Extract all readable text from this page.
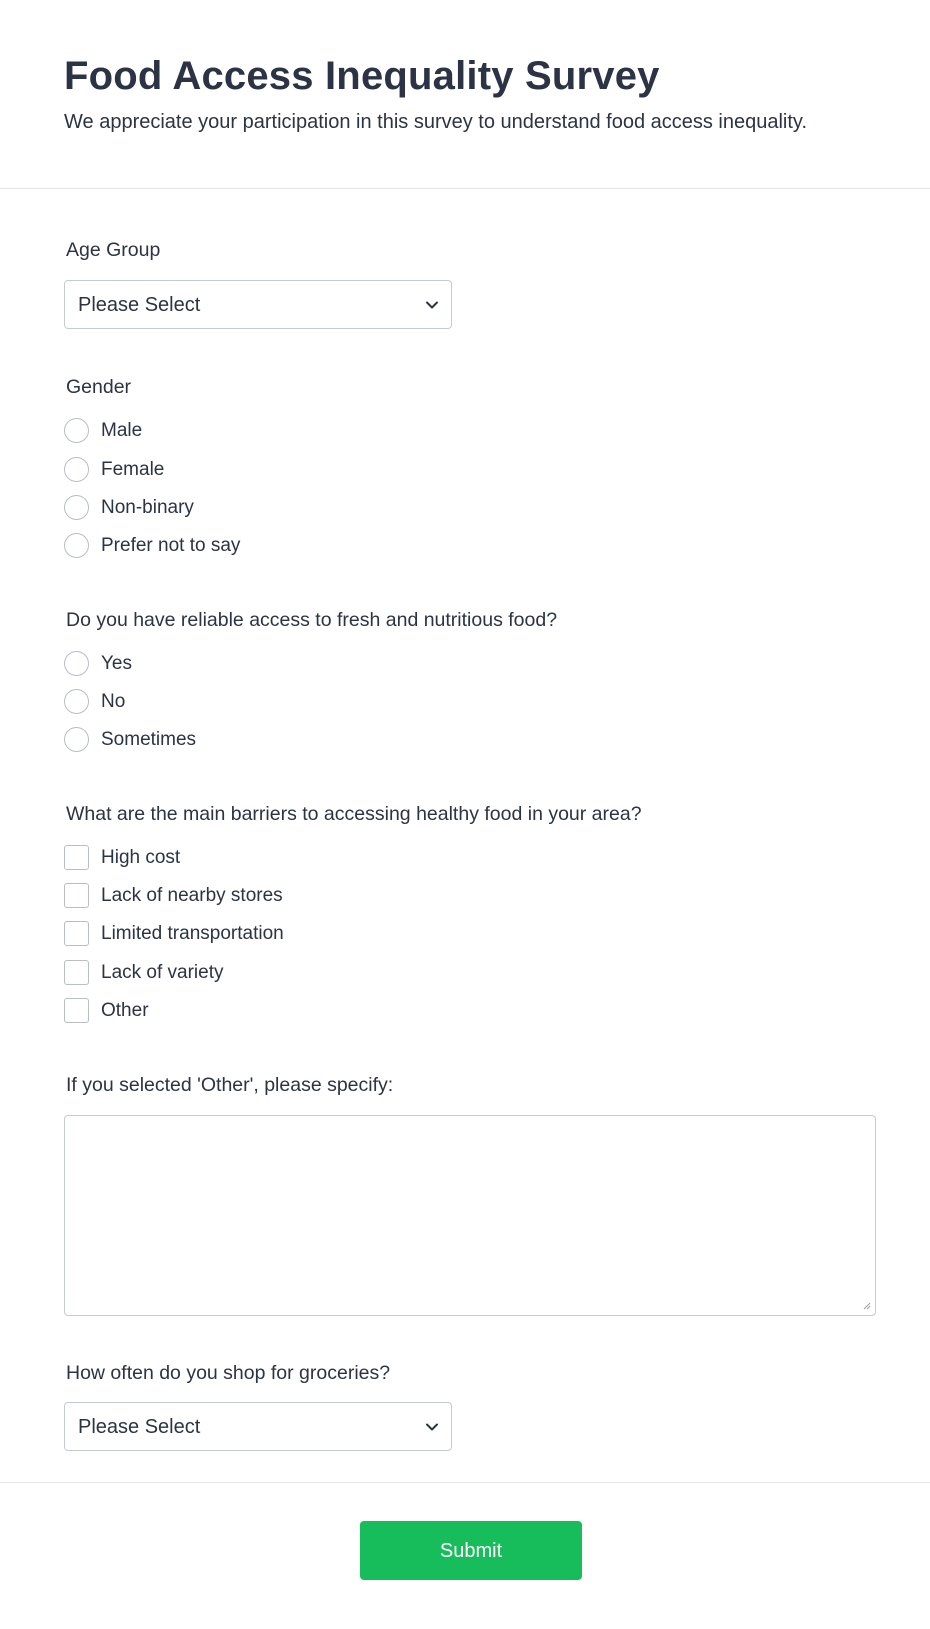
Food Access Inequality Survey

We appreciate your participation in this survey to understand food access inequality.

Age Group
Please Select
Gender
Male
Female
Non-binary
Prefer not to say
Do you have reliable access to fresh and nutritious food?
Yes
No
Sometimes
What are the main barriers to accessing healthy food in your area?
High cost
Lack of nearby stores
Limited transportation
Lack of variety
Other
If you selected 'Other', please specify:
How often do you shop for groceries?
Please Select
Submit
